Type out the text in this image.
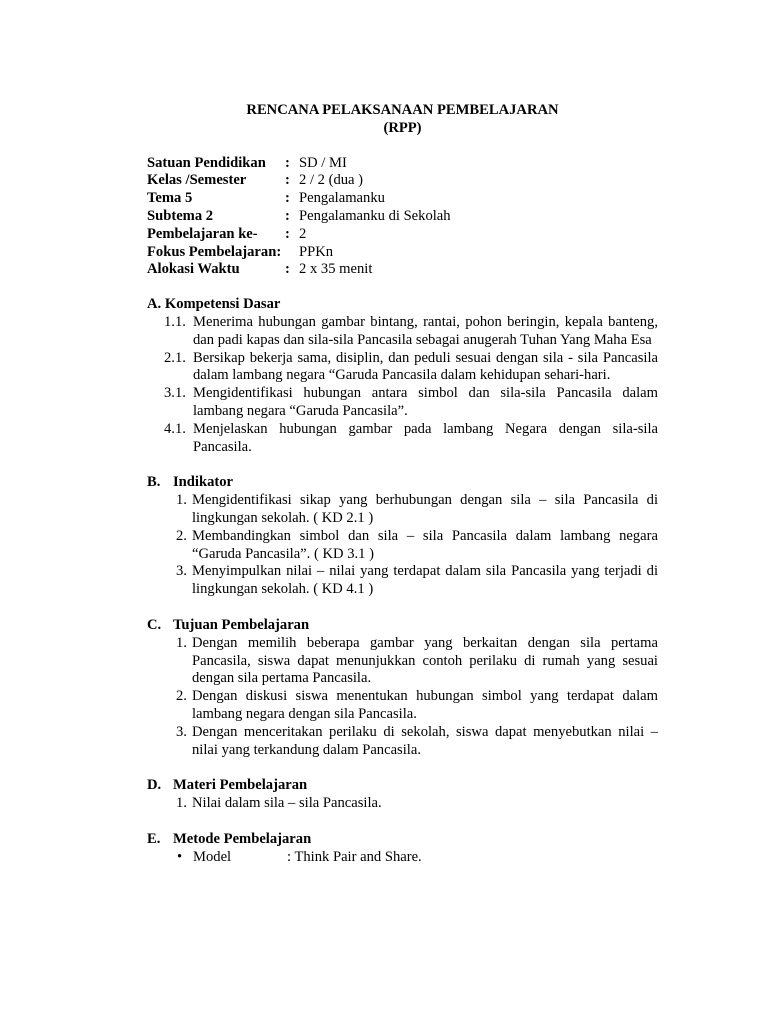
RENCANA PELAKSANAAN PEMBELAJARAN
(RPP)
Satuan Pendidikan	: SD / MI
Kelas /Semester	: 2 / 2 (dua )
Tema 5	: Pengalamanku
Subtema 2	: Pengalamanku di Sekolah
Pembelajaran ke-	: 2
Fokus Pembelajaran: PPKn
Alokasi Waktu	: 2 x 35 menit
A.
Kompetensi Dasar
1.1. Menerima hubungan gambar bintang, rantai, pohon beringin, kepala banteng, dan padi kapas dan sila-sila Pancasila sebagai anugerah Tuhan Yang Maha Esa
2.1. Bersikap bekerja sama, disiplin, dan peduli sesuai dengan sila - sila Pancasila dalam lambang negara “Garuda Pancasila dalam kehidupan sehari-hari.
3.1. Mengidentifikasi hubungan antara simbol dan sila-sila Pancasila dalam lambang negara “Garuda Pancasila”.
4.1. Menjelaskan hubungan gambar pada lambang Negara dengan sila-sila Pancasila.
B. Indikator
1. Mengidentifikasi sikap yang berhubungan dengan sila – sila Pancasila di lingkungan sekolah. ( KD 2.1 )
2. Membandingkan simbol dan sila – sila Pancasila dalam lambang negara “Garuda Pancasila”. ( KD 3.1 )
3. Menyimpulkan nilai – nilai yang terdapat dalam sila Pancasila yang terjadi di lingkungan sekolah. ( KD 4.1 )
C. Tujuan Pembelajaran
1. Dengan memilih beberapa gambar yang berkaitan dengan sila pertama Pancasila, siswa dapat menunjukkan contoh perilaku di rumah yang sesuai dengan sila pertama Pancasila.
2. Dengan diskusi siswa menentukan hubungan simbol yang terdapat dalam lambang negara dengan sila Pancasila.
3. Dengan menceritakan perilaku di sekolah, siswa dapat menyebutkan nilai – nilai yang terkandung dalam Pancasila.
D. Materi Pembelajaran
1. Nilai dalam sila – sila Pancasila.
E. Metode Pembelajaran
• Model	: Think Pair and Share.
